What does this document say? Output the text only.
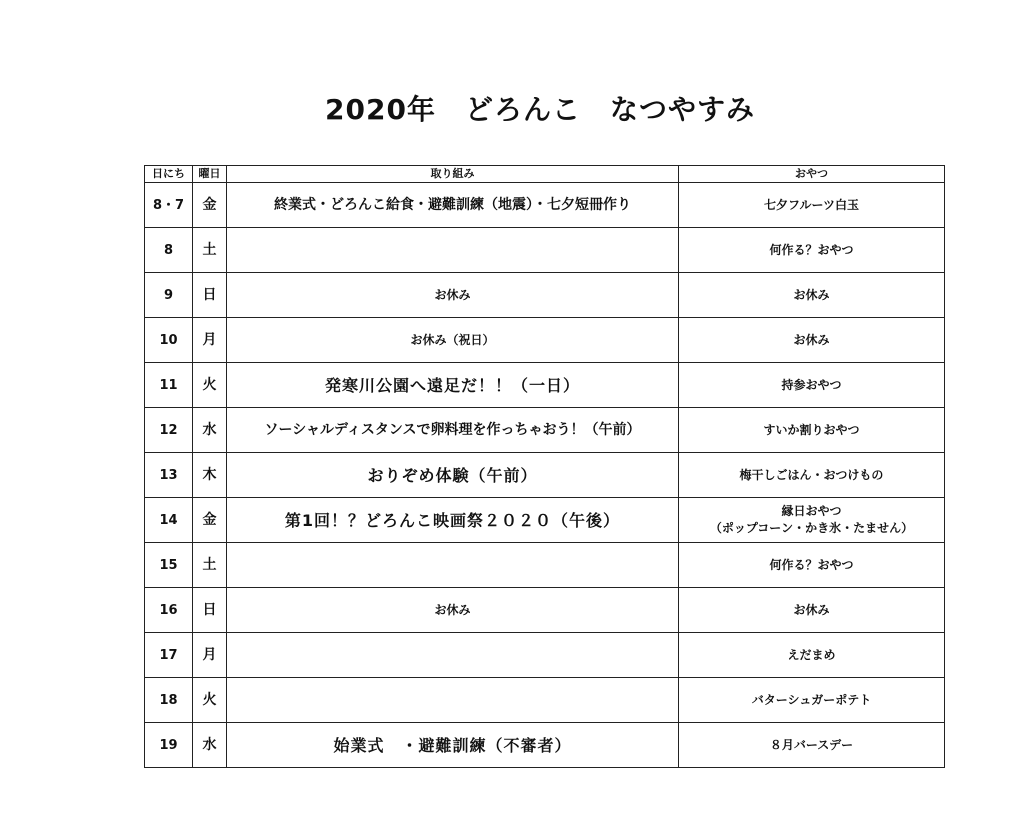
2020年　どろんこ　なつやすみ
日にち	曜日	取り組み	おやつ
8・7	金	終業式・どろんこ給食・避難訓練（地震）・七夕短冊作り	七夕フルーツ白玉
8	土		何作る？おやつ
9	日	お休み	お休み
10	月	お休み（祝日）	お休み
11	火	発寒川公園へ遠足だ！！（一日）	持参おやつ
12	水	ソーシャルディスタンスで卵料理を作っちゃおう！（午前）	すいか割りおやつ
13	木	おりぞめ体験（午前）	梅干しごはん・おつけもの
14	金	第1回！？どろんこ映画祭２０２０（午後）	縁日おやつ
（ポップコーン・かき氷・たません）

15	土		何作る？おやつ
16	日	お休み	お休み
17	月		えだまめ
18	火		バターシュガーポテト
19	水	始業式　・避難訓練（不審者）	８月バースデー
